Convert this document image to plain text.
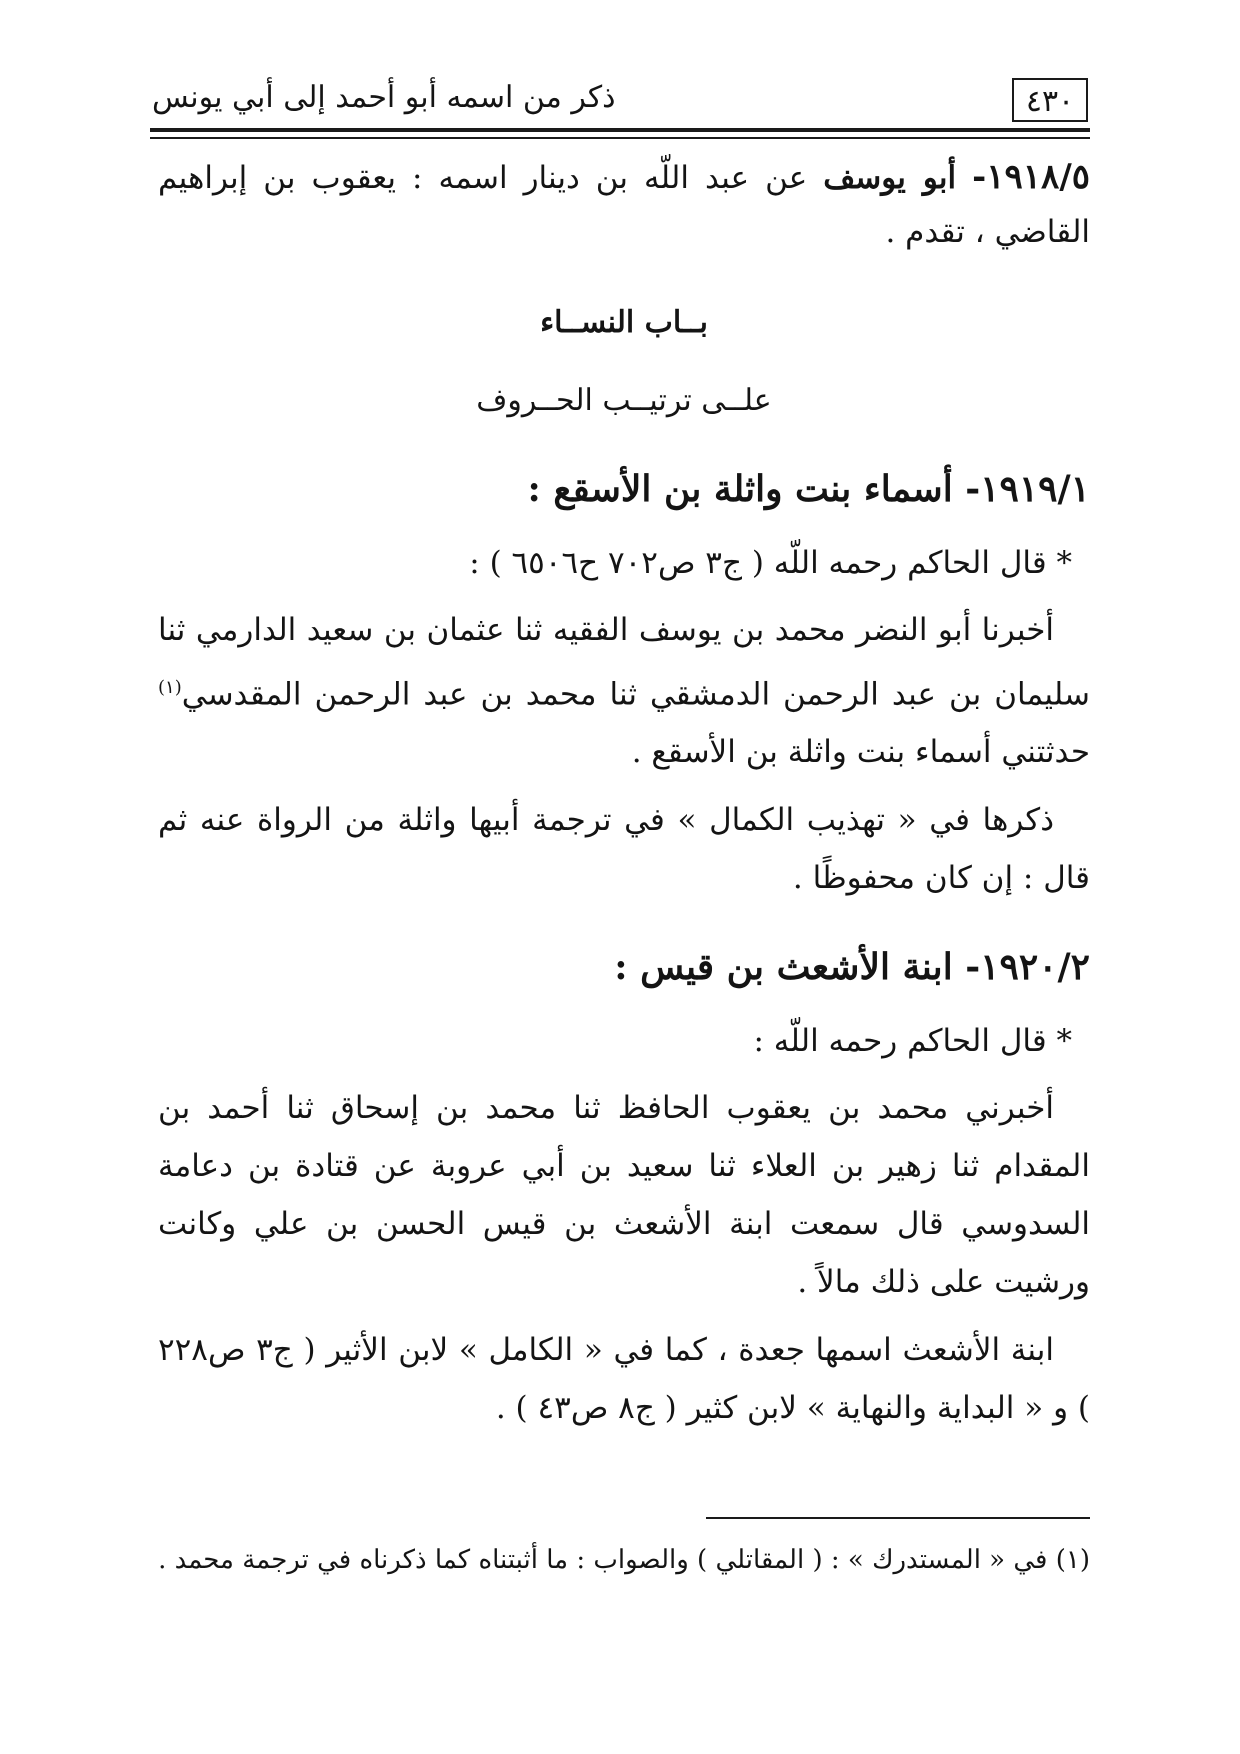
٤٣٠
ذكر من اسمه أبو أحمد إلى أبي يونس

١٩١٨/٥- أبو يوسف عن عبد اللّه بن دينار اسمه : يعقوب بن إبراهيم القاضي ، تقدم .

بــاب النســاء

علــى ترتيــب الحــروف

١٩١٩/١- أسماء بنت واثلة بن الأسقع :

* قال الحاكم رحمه اللّه ( ج٣ ص٧٠٢ ح٦٥٠٦ ) :

أخبرنا أبو النضر محمد بن يوسف الفقيه ثنا عثمان بن سعيد الدارمي ثنا سليمان بن عبد الرحمن الدمشقي ثنا محمد بن عبد الرحمن المقدسي$^{(١)}$ حدثتني أسماء بنت واثلة بن الأسقع .

ذكرها في « تهذيب الكمال » في ترجمة أبيها واثلة من الرواة عنه ثم قال : إن كان محفوظًا .

١٩٢٠/٢- ابنة الأشعث بن قيس :

* قال الحاكم رحمه اللّه :

أخبرني محمد بن يعقوب الحافظ ثنا محمد بن إسحاق ثنا أحمد بن المقدام ثنا زهير بن العلاء ثنا سعيد بن أبي عروبة عن قتادة بن دعامة السدوسي قال سمعت ابنة الأشعث بن قيس الحسن بن علي وكانت ورشيت على ذلك مالاً .

ابنة الأشعث اسمها جعدة ، كما في « الكامل » لابن الأثير ( ج٣ ص٢٢٨ ) و « البداية والنهاية » لابن كثير ( ج٨ ص٤٣ ) .

(١) في « المستدرك » : ( المقاتلي ) والصواب : ما أثبتناه كما ذكرناه في ترجمة محمد .
